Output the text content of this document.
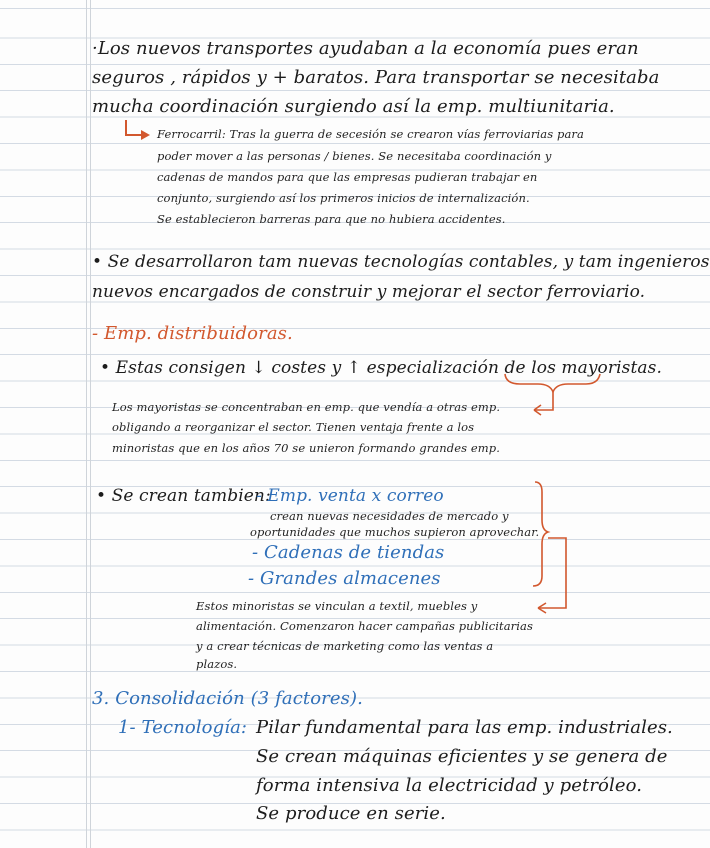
·Los nuevos transportes ayudaban a la economía pues eran
seguros , rápidos y + baratos. Para transportar se necesitaba
mucha coordinación surgiendo así la emp. multiunitaria.
Ferrocarril: Tras la guerra de secesión se crearon vías ferroviarias para
poder mover a las personas / bienes. Se necesitaba coordinación y
cadenas de mandos para que las empresas pudieran trabajar en
conjunto, surgiendo así los primeros inicios de internalización.
Se establecieron barreras para que no hubiera accidentes.
• Se desarrollaron tam nuevas tecnologías contables, y tam ingenieros
nuevos encargados de construir y mejorar el sector ferroviario.
- Emp. distribuidoras.
• Estas consigen ↓ costes y ↑ especialización de los mayoristas.
Los mayoristas se concentraban en emp. que vendía a otras emp.
obligando a reorganizar el sector. Tienen ventaja frente a los
minoristas que en los años 70 se unieron formando grandes emp.
• Se crean tambien:
- Emp. venta x correo
crean nuevas necesidades de mercado y
oportunidades que muchos supieron aprovechar.
- Cadenas de tiendas
- Grandes almacenes
Estos minoristas se vinculan a textil, muebles y
alimentación. Comenzaron hacer campañas publicitarias
y a crear técnicas de marketing como las ventas a
plazos.
3. Consolidación (3 factores).
1- Tecnología: Pilar fundamental para las emp. industriales.
Se crean máquinas eficientes y se genera de
forma intensiva la electricidad y petróleo.
Se produce en serie.
